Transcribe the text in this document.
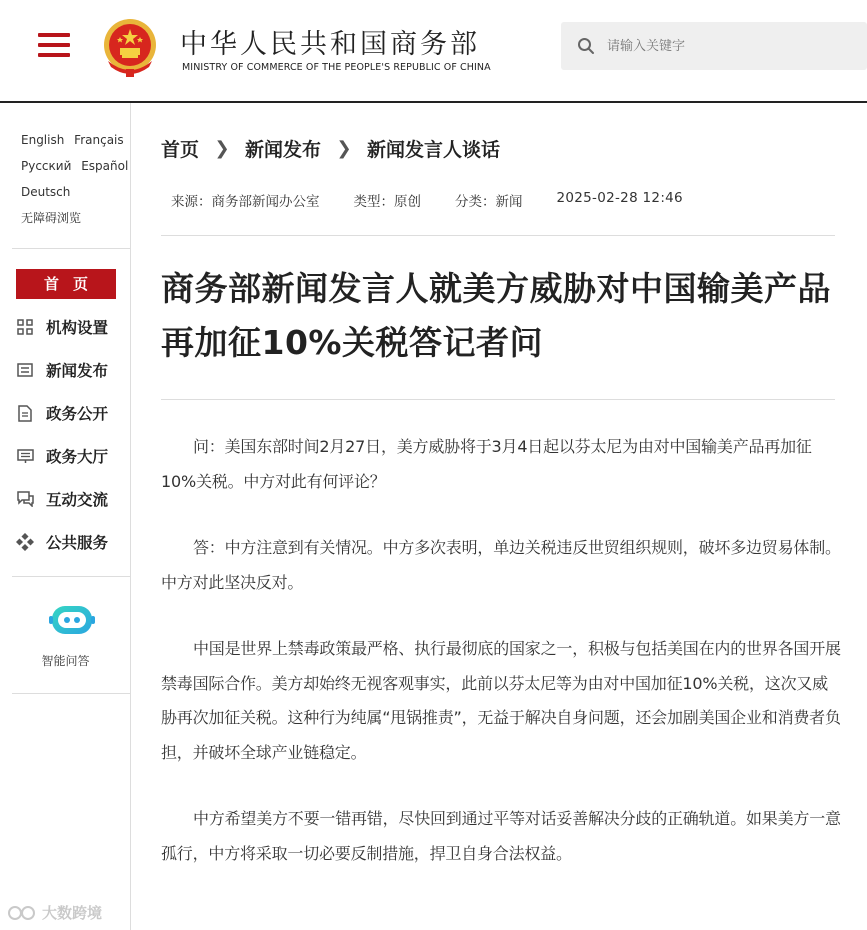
中华人民共和国商务部
MINISTRY OF COMMERCE OF THE PEOPLE'S REPUBLIC OF CHINA
请输入关键字
English Français
Русский Español
Deutsch
无障碍浏览
首页
机构设置
新闻发布
政务公开
政务大厅
互动交流
公共服务
智能问答
首页 ❯ 新闻发布 ❯ 新闻发言人谈话
来源：商务部新闻办公室	类型：原创	分类：新闻	2025-02-28 12:46
商务部新闻发言人就美方威胁对中国输美产品再加征10%关税答记者问

问：美国东部时间2月27日，美方威胁将于3月4日起以芬太尼为由对中国输美产品再加征10%关税。中方对此有何评论？

答：中方注意到有关情况。中方多次表明，单边关税违反世贸组织规则，破坏多边贸易体制。中方对此坚决反对。

中国是世界上禁毒政策最严格、执行最彻底的国家之一，积极与包括美国在内的世界各国开展禁毒国际合作。美方却始终无视客观事实，此前以芬太尼等为由对中国加征10%关税，这次又威胁再次加征关税。这种行为纯属“甩锅推责”，无益于解决自身问题，还会加剧美国企业和消费者负担，并破坏全球产业链稳定。

中方希望美方不要一错再错，尽快回到通过平等对话妥善解决分歧的正确轨道。如果美方一意孤行，中方将采取一切必要反制措施，捍卫自身合法权益。

大数跨境
